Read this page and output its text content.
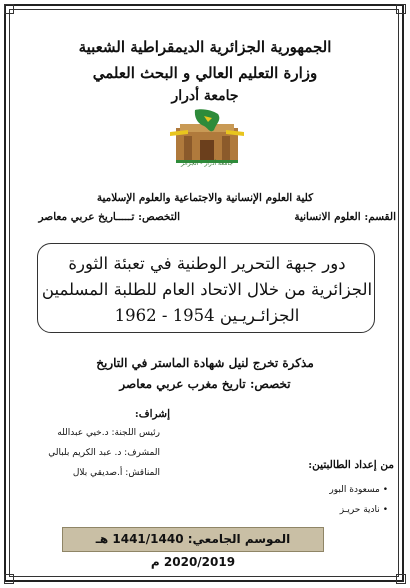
الجمهورية الجزائرية الديمقراطية الشعبية
وزارة التعليم العالي و البحث العلمي
جامعة أدرار
جامعة أدرار - الجزائر
كلية العلوم الإنسانية والاجتماعية والعلوم الإسلامية
القسم: العلوم الانسانية
التخصص: تـــــاريخ عربي معاصر
دور جبهة التحرير الوطنية في تعبئة الثورة
الجزائرية من خلال الاتحاد العام للطلبة المسلمين
الجزائـريـين 1954 - 1962
مذكرة تخرج لنيل شهادة الماستر في التاريخ
تخصص: تاريخ مغرب عربي معاصر
إشراف:
رئيس اللجنة: د.خيي عبدالله
المشرف: د. عبد الكريم بلبالي
المناقش: أ.صديقي بلال
من إعداد الطالبتين:
• مسعودة البور
• نادية حريـز
الموسم الجامعي: 1441/1440 هـ 2020/2019 م
